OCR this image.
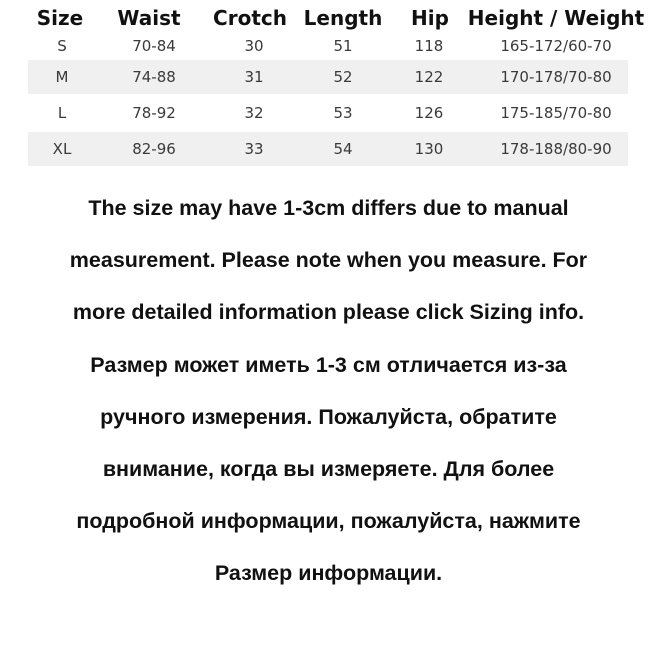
Size Waist Crotch Length Hip Height / Weight
S	70-84	30	51	118	165-172/60-70
M	74-88	31	52	122	170-178/70-80
L	78-92	32	53	126	175-185/70-80
XL	82-96	33	54	130	178-188/80-90
The size may have 1-3cm differs due to manual
measurement. Please note when you measure. For
more detailed information please click Sizing info.
Размер может иметь 1-3 см отличается из-за
ручного измерения. Пожалуйста, обратите
внимание, когда вы измеряете. Для более
подробной информации, пожалуйста, нажмите
Размер информации.
